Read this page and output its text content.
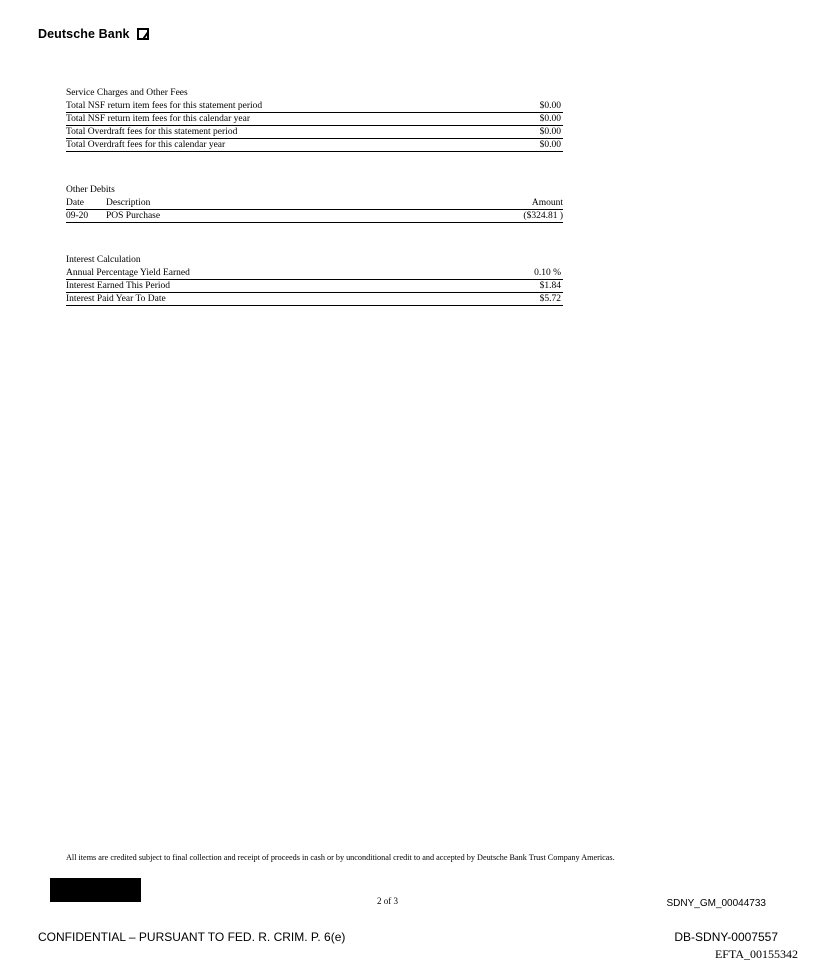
Deutsche Bank
Service Charges and Other Fees
Total NSF return item fees for this statement period	$0.00
Total NSF return item fees for this calendar year	$0.00
Total Overdraft fees for this statement period	$0.00
Total Overdraft fees for this calendar year	$0.00
Other Debits
Date	Description	Amount
09-20	POS Purchase	($324.81 )
Interest Calculation
Annual Percentage Yield Earned	0.10 %
Interest Earned This Period	$1.84
Interest Paid Year To Date	$5.72
All items are credited subject to final collection and receipt of proceeds in cash or by unconditional credit to and accepted by Deutsche Bank Trust Company Americas.
2 of 3	SDNY_GM_00044733
CONFIDENTIAL – PURSUANT TO FED. R. CRIM. P. 6(e)	DB-SDNY-0007557
EFTA_00155342
